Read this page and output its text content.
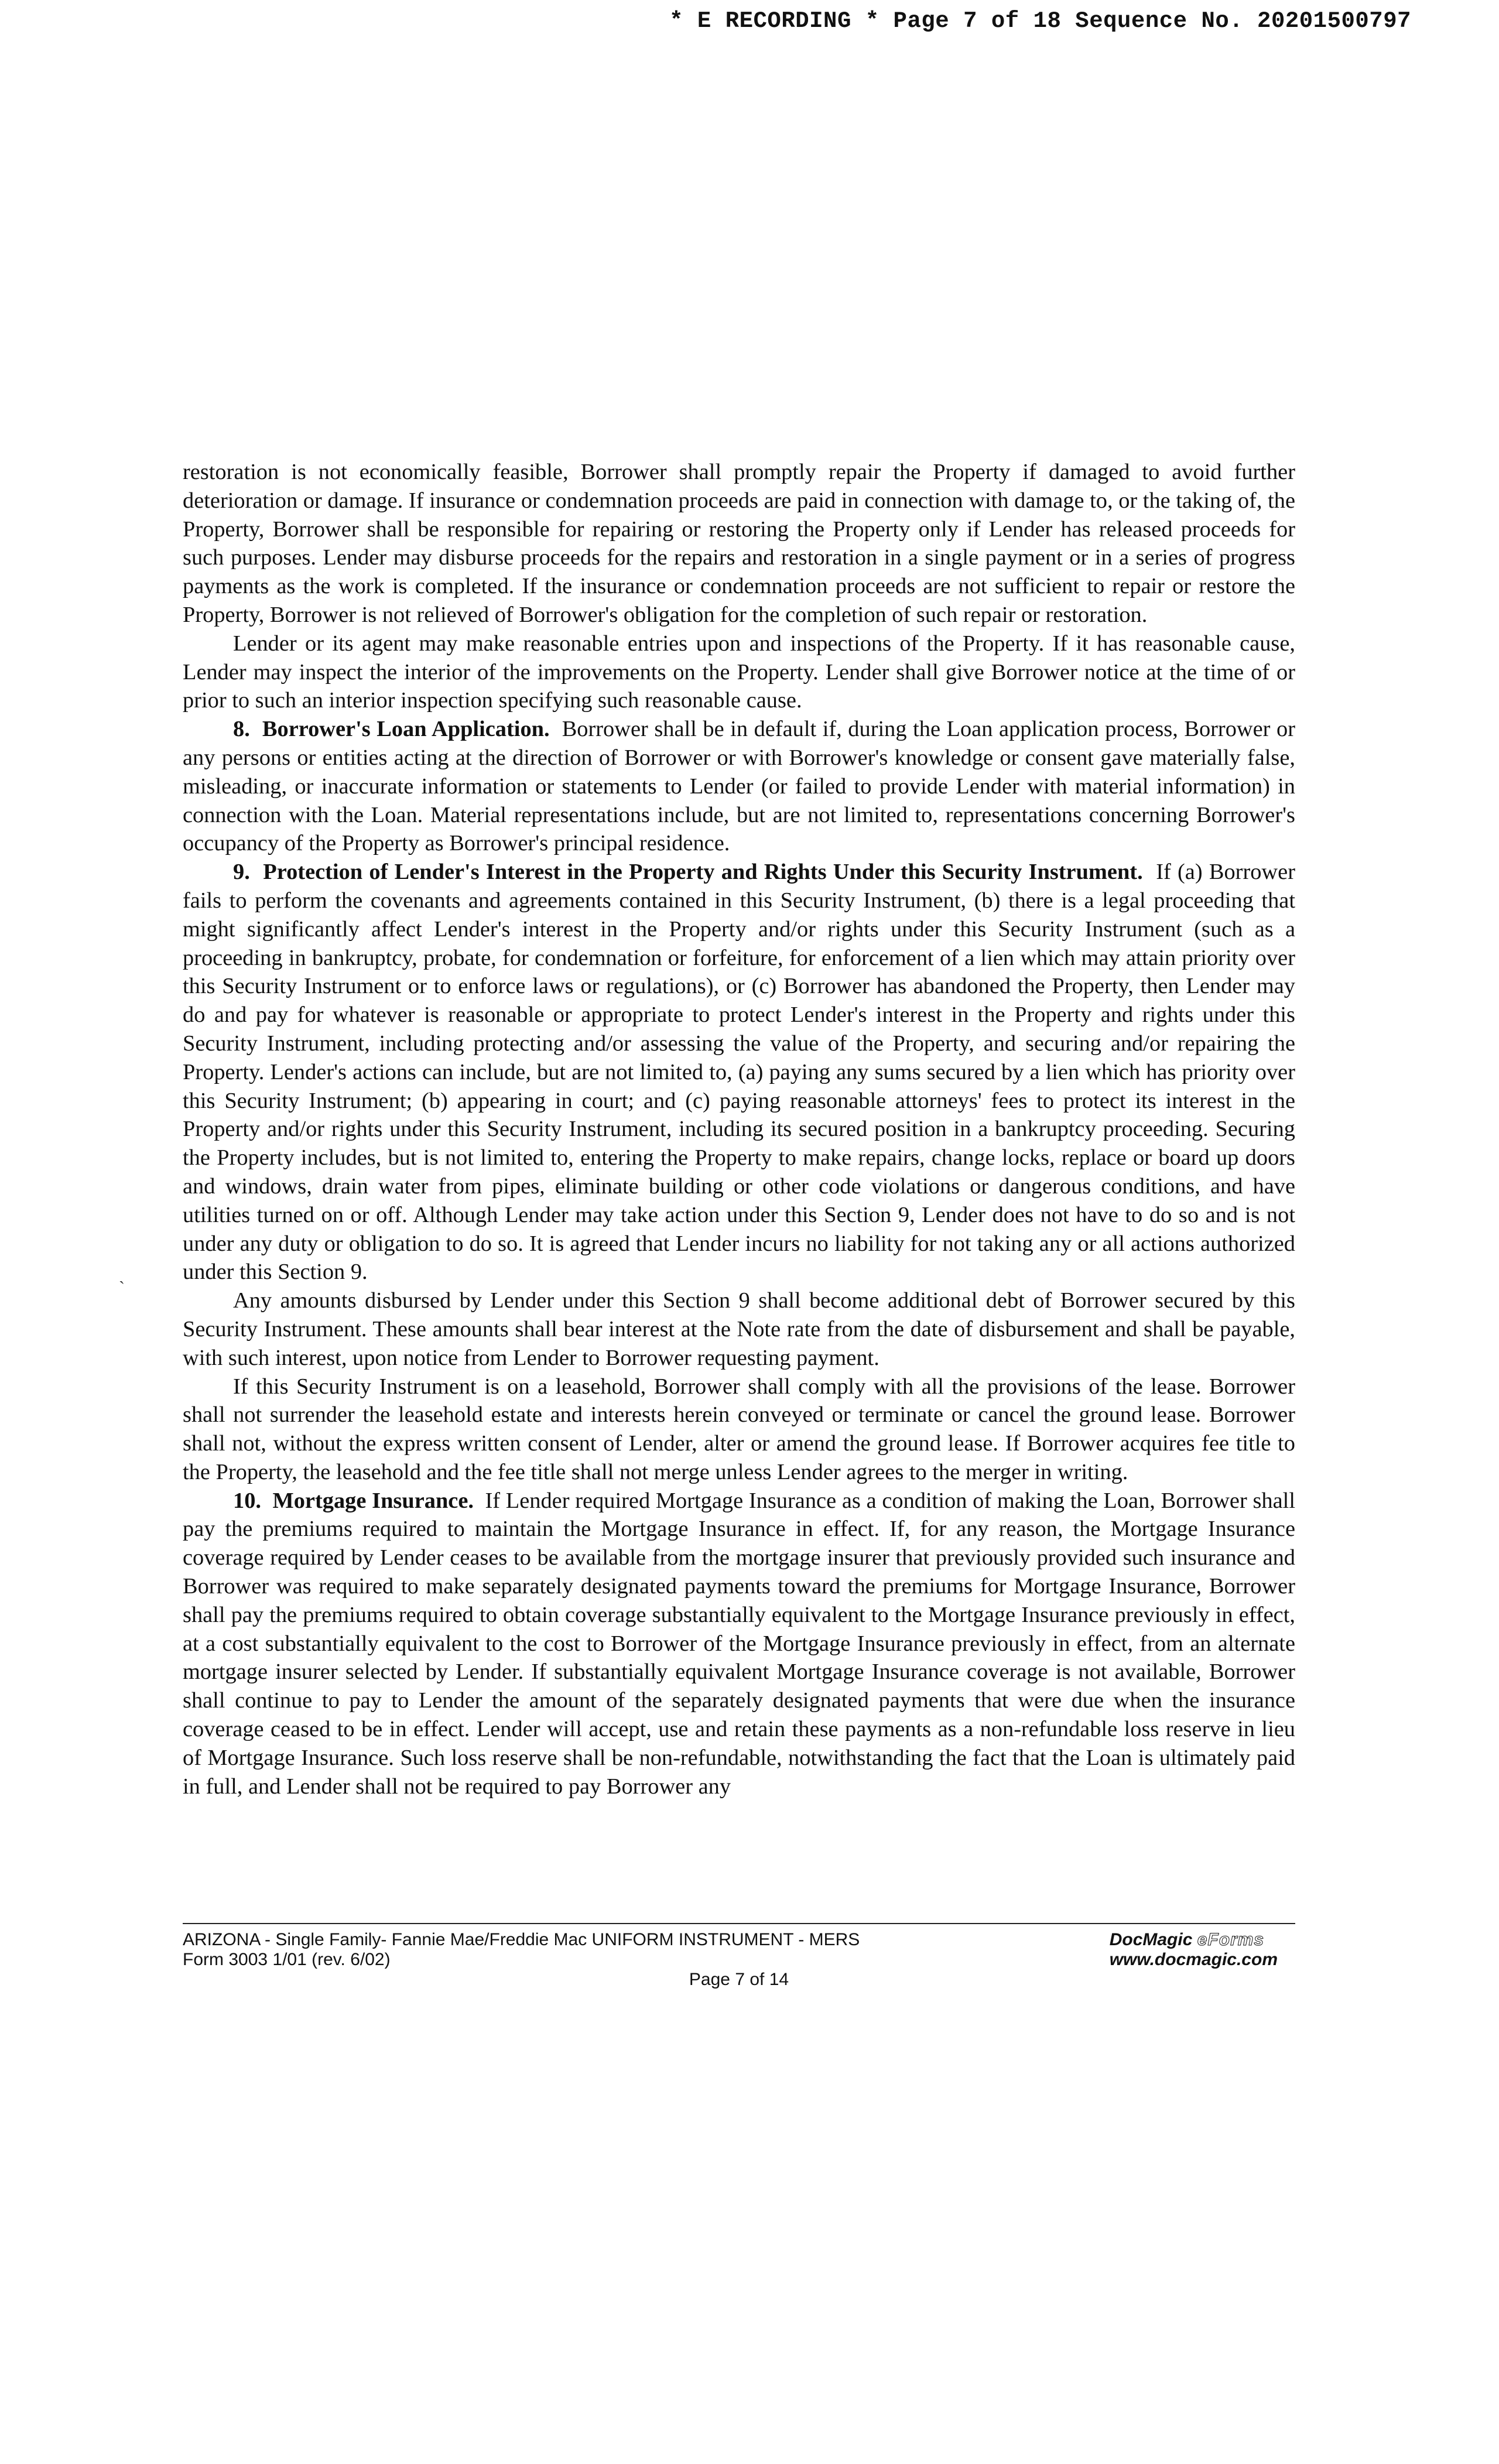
* E RECORDING * Page 7 of 18 Sequence No. 20201500797
ˎ

restoration is not economically feasible, Borrower shall promptly repair the Property if damaged to avoid further deterioration or damage. If insurance or condemnation proceeds are paid in connection with damage to, or the taking of, the Property, Borrower shall be responsible for repairing or restoring the Property only if Lender has released proceeds for such purposes. Lender may disburse proceeds for the repairs and restoration in a single payment or in a series of progress payments as the work is completed. If the insurance or condemnation proceeds are not sufficient to repair or restore the Property, Borrower is not relieved of Borrower's obligation for the completion of such repair or restoration.

Lender or its agent may make reasonable entries upon and inspections of the Property. If it has reasonable cause, Lender may inspect the interior of the improvements on the Property. Lender shall give Borrower notice at the time of or prior to such an interior inspection specifying such reasonable cause.

8. Borrower's Loan Application. Borrower shall be in default if, during the Loan application process, Borrower or any persons or entities acting at the direction of Borrower or with Borrower's knowledge or consent gave materially false, misleading, or inaccurate information or statements to Lender (or failed to provide Lender with material information) in connection with the Loan. Material representations include, but are not limited to, representations concerning Borrower's occupancy of the Property as Borrower's principal residence.

9. Protection of Lender's Interest in the Property and Rights Under this Security Instrument. If (a) Borrower fails to perform the covenants and agreements contained in this Security Instrument, (b) there is a legal proceeding that might significantly affect Lender's interest in the Property and/or rights under this Security Instrument (such as a proceeding in bankruptcy, probate, for condemnation or forfeiture, for enforcement of a lien which may attain priority over this Security Instrument or to enforce laws or regulations), or (c) Borrower has abandoned the Property, then Lender may do and pay for whatever is reasonable or appropriate to protect Lender's interest in the Property and rights under this Security Instrument, including protecting and/or assessing the value of the Property, and securing and/or repairing the Property. Lender's actions can include, but are not limited to, (a) paying any sums secured by a lien which has priority over this Security Instrument; (b) appearing in court; and (c) paying reasonable attorneys' fees to protect its interest in the Property and/or rights under this Security Instrument, including its secured position in a bankruptcy proceeding. Securing the Property includes, but is not limited to, entering the Property to make repairs, change locks, replace or board up doors and windows, drain water from pipes, eliminate building or other code violations or dangerous conditions, and have utilities turned on or off. Although Lender may take action under this Section 9, Lender does not have to do so and is not under any duty or obligation to do so. It is agreed that Lender incurs no liability for not taking any or all actions authorized under this Section 9.

Any amounts disbursed by Lender under this Section 9 shall become additional debt of Borrower secured by this Security Instrument. These amounts shall bear interest at the Note rate from the date of disbursement and shall be payable, with such interest, upon notice from Lender to Borrower requesting payment.

If this Security Instrument is on a leasehold, Borrower shall comply with all the provisions of the lease. Borrower shall not surrender the leasehold estate and interests herein conveyed or terminate or cancel the ground lease. Borrower shall not, without the express written consent of Lender, alter or amend the ground lease. If Borrower acquires fee title to the Property, the leasehold and the fee title shall not merge unless Lender agrees to the merger in writing.

10. Mortgage Insurance. If Lender required Mortgage Insurance as a condition of making the Loan, Borrower shall pay the premiums required to maintain the Mortgage Insurance in effect. If, for any reason, the Mortgage Insurance coverage required by Lender ceases to be available from the mortgage insurer that previously provided such insurance and Borrower was required to make separately designated payments toward the premiums for Mortgage Insurance, Borrower shall pay the premiums required to obtain coverage substantially equivalent to the Mortgage Insurance previously in effect, at a cost substantially equivalent to the cost to Borrower of the Mortgage Insurance previously in effect, from an alternate mortgage insurer selected by Lender. If substantially equivalent Mortgage Insurance coverage is not available, Borrower shall continue to pay to Lender the amount of the separately designated payments that were due when the insurance coverage ceased to be in effect. Lender will accept, use and retain these payments as a non-refundable loss reserve in lieu of Mortgage Insurance. Such loss reserve shall be non-refundable, notwithstanding the fact that the Loan is ultimately paid in full, and Lender shall not be required to pay Borrower any

ARIZONA - Single Family- Fannie Mae/Freddie Mac UNIFORM INSTRUMENT - MERS
Form 3003 1/01 (rev. 6/02)
DocMagic eForms
www.docmagic.com
Page 7 of 14
